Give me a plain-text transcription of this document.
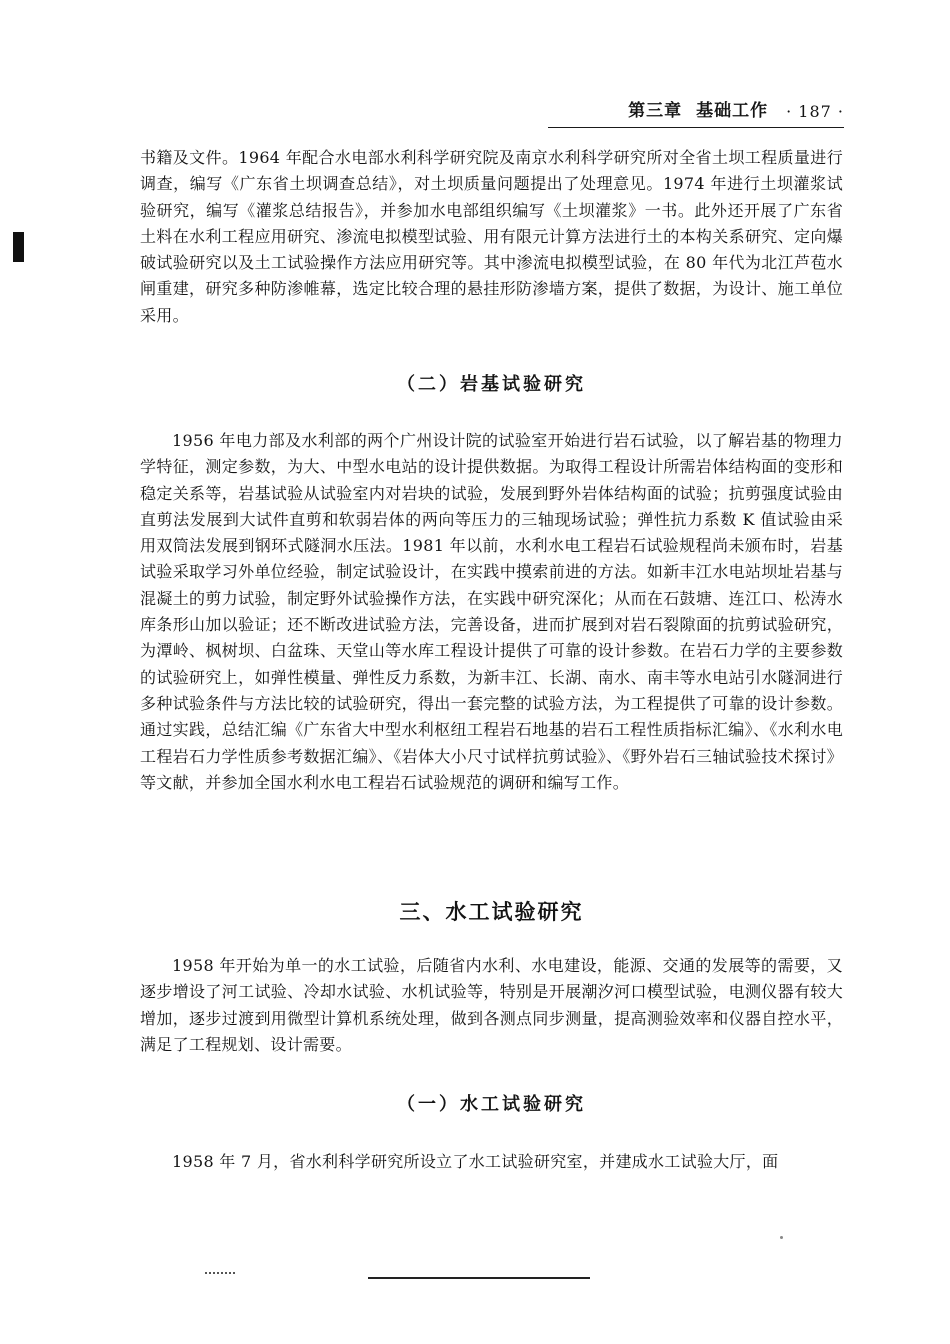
第三章 基础工作 · 187 ·

书籍及文件。1964 年配合水电部水利科学研究院及南京水利科学研究所对全省土坝工程质量进行调查，编写《广东省土坝调查总结》，对土坝质量问题提出了处理意见。1974 年进行土坝灌浆试验研究，编写《灌浆总结报告》，并参加水电部组织编写《土坝灌浆》一书。此外还开展了广东省土料在水利工程应用研究、渗流电拟模型试验、用有限元计算方法进行土的本构关系研究、定向爆破试验研究以及土工试验操作方法应用研究等。其中渗流电拟模型试验，在 80 年代为北江芦苞水闸重建，研究多种防渗帷幕，选定比较合理的悬挂形防渗墙方案，提供了数据，为设计、施工单位采用。

（二）岩基试验研究

1956 年电力部及水利部的两个广州设计院的试验室开始进行岩石试验，以了解岩基的物理力学特征，测定参数，为大、中型水电站的设计提供数据。为取得工程设计所需岩体结构面的变形和稳定关系等，岩基试验从试验室内对岩块的试验，发展到野外岩体结构面的试验；抗剪强度试验由直剪法发展到大试件直剪和软弱岩体的两向等压力的三轴现场试验；弹性抗力系数 K 值试验由采用双筒法发展到钢环式隧洞水压法。1981 年以前，水利水电工程岩石试验规程尚未颁布时，岩基试验采取学习外单位经验，制定试验设计，在实践中摸索前进的方法。如新丰江水电站坝址岩基与混凝土的剪力试验，制定野外试验操作方法，在实践中研究深化；从而在石鼓塘、连江口、松涛水库条形山加以验证；还不断改进试验方法，完善设备，进而扩展到对岩石裂隙面的抗剪试验研究，为潭岭、枫树坝、白盆珠、天堂山等水库工程设计提供了可靠的设计参数。在岩石力学的主要参数的试验研究上，如弹性模量、弹性反力系数，为新丰江、长湖、南水、南丰等水电站引水隧洞进行多种试验条件与方法比较的试验研究，得出一套完整的试验方法，为工程提供了可靠的设计参数。通过实践，总结汇编《广东省大中型水利枢纽工程岩石地基的岩石工程性质指标汇编》、《水利水电工程岩石力学性质参考数据汇编》、《岩体大小尺寸试样抗剪试验》、《野外岩石三轴试验技术探讨》等文献，并参加全国水利水电工程岩石试验规范的调研和编写工作。

三、水工试验研究

1958 年开始为单一的水工试验，后随省内水利、水电建设，能源、交通的发展等的需要，又逐步增设了河工试验、冷却水试验、水机试验等，特别是开展潮汐河口模型试验，电测仪器有较大增加，逐步过渡到用微型计算机系统处理，做到各测点同步测量，提高测验效率和仪器自控水平，满足了工程规划、设计需要。

（一）水工试验研究

1958 年 7 月，省水利科学研究所设立了水工试验研究室，并建成水工试验大厅，面
